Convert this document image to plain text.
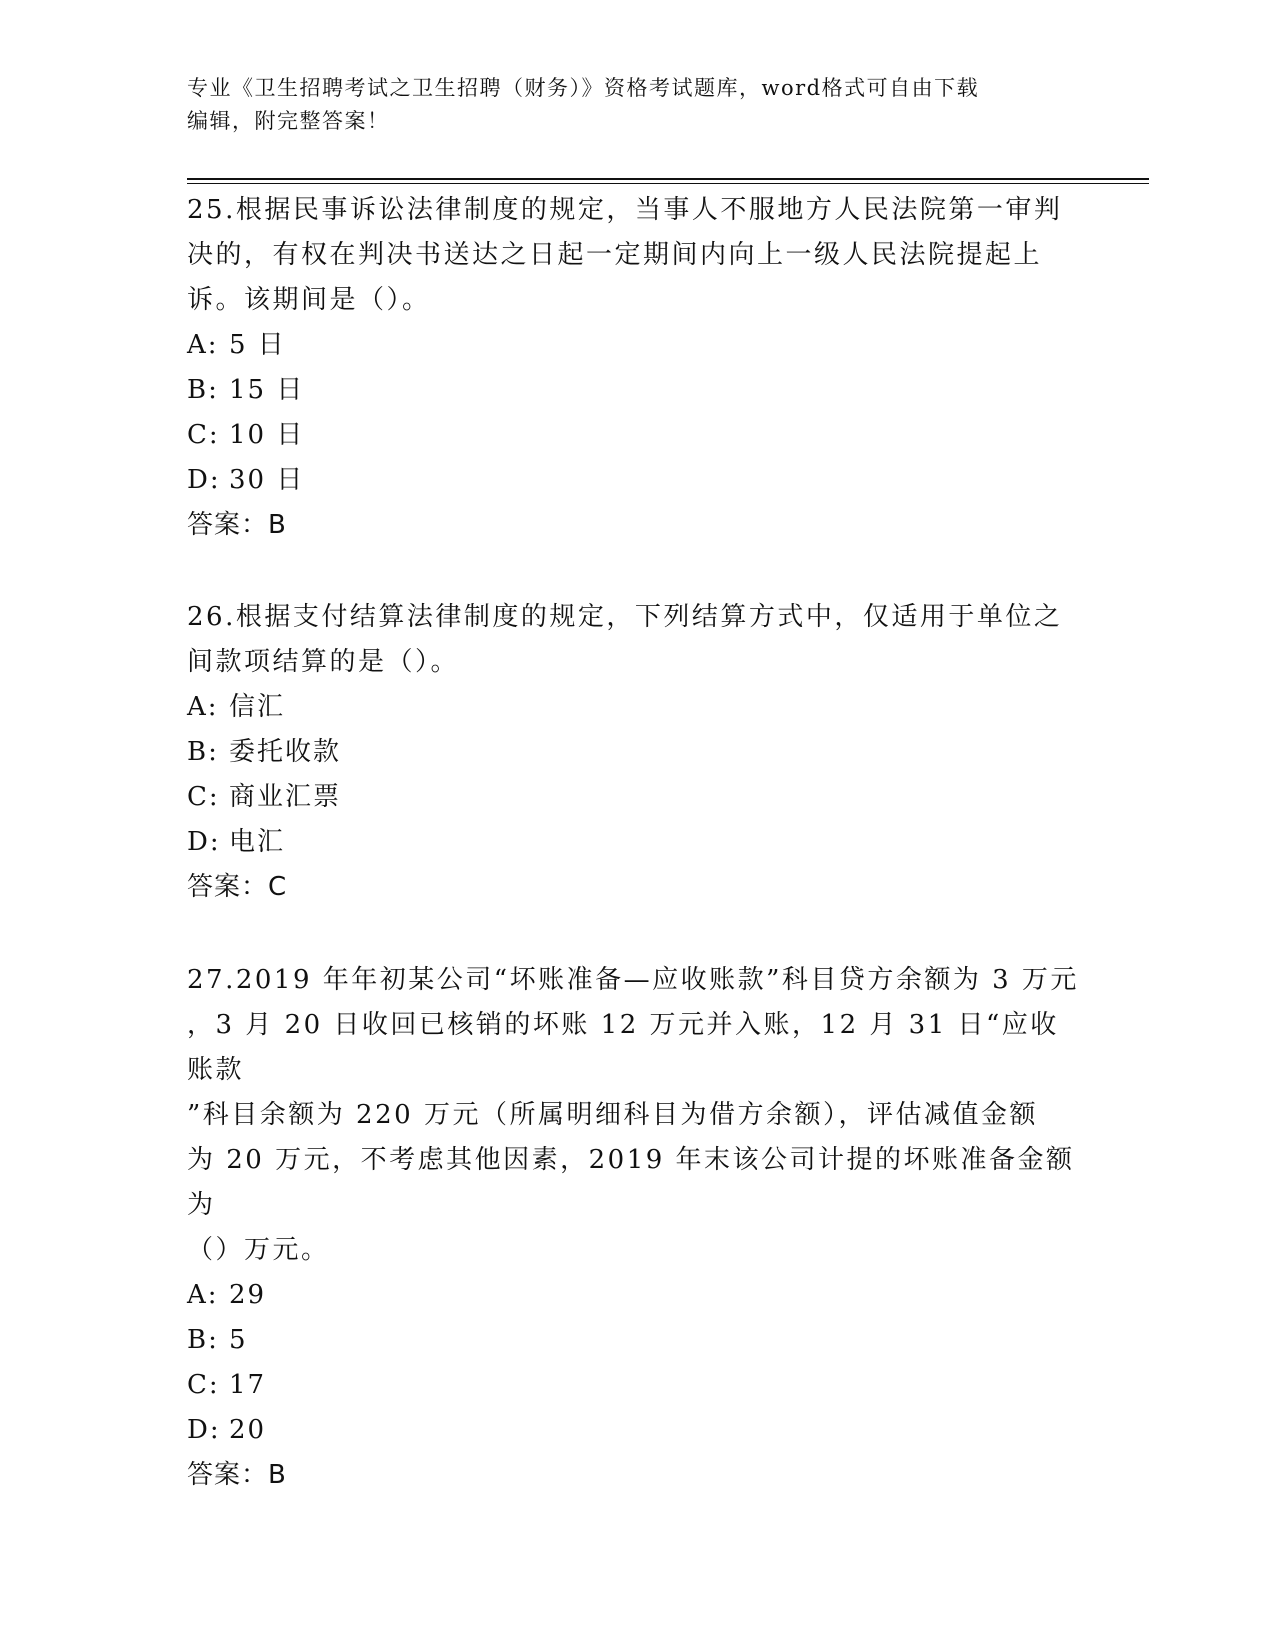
专业《卫生招聘考试之卫生招聘（财务）》资格考试题库，word格式可自由下载
编辑，附完整答案！

25.根据民事诉讼法律制度的规定，当事人不服地方人民法院第一审判
决的，有权在判决书送达之日起一定期间内向上一级人民法院提起上
诉。该期间是（）。

A: 5 日

B: 15 日

C: 10 日

D: 30 日

答案：B

26.根据支付结算法律制度的规定，下列结算方式中，仅适用于单位之
间款项结算的是（）。

A: 信汇

B: 委托收款

C: 商业汇票

D: 电汇

答案：C

27.2019 年年初某公司“坏账准备—应收账款”科目贷方余额为 3 万元
，3 月 20 日收回已核销的坏账 12 万元并入账，12 月 31 日“应收账款
”科目余额为 220 万元（所属明细科目为借方余额），评估减值金额
为 20 万元，不考虑其他因素，2019 年末该公司计提的坏账准备金额为
（）万元。

A: 29

B: 5

C: 17

D: 20

答案：B
